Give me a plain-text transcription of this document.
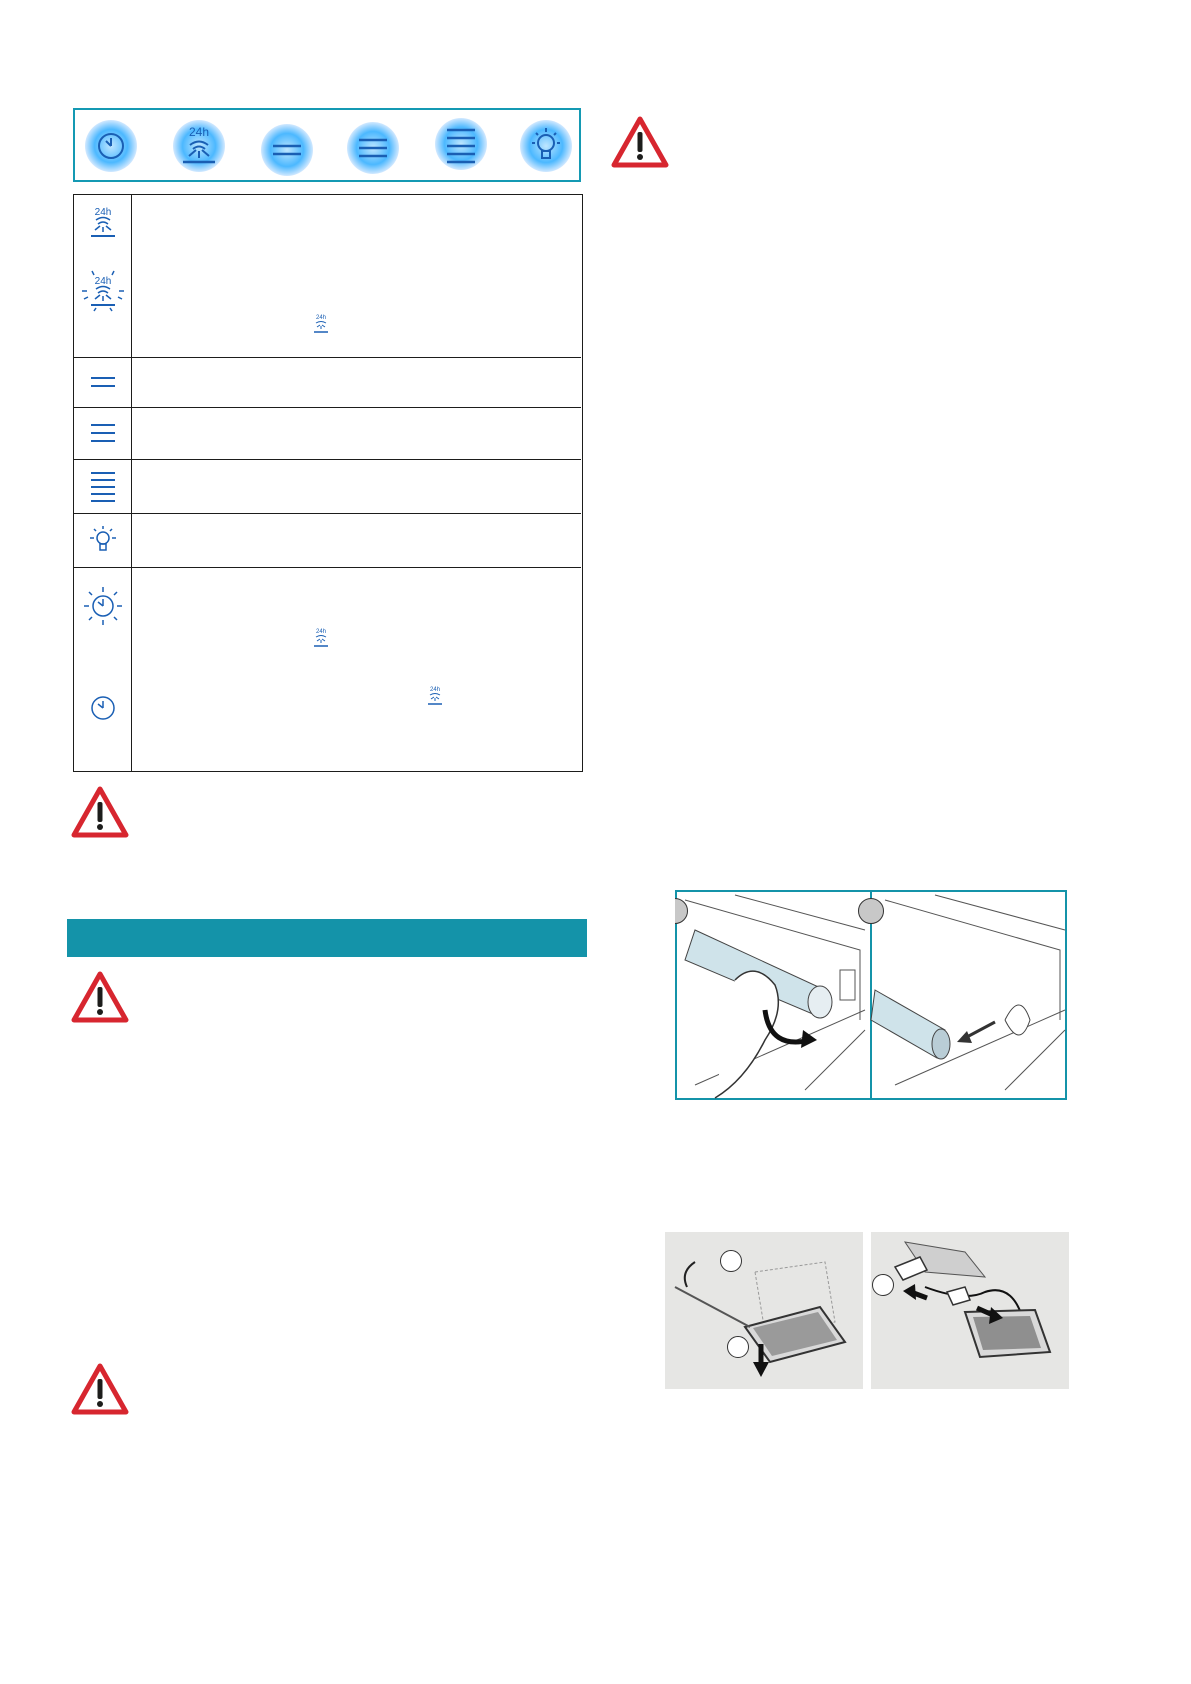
24h
24h
24h
24h
24h
24h
